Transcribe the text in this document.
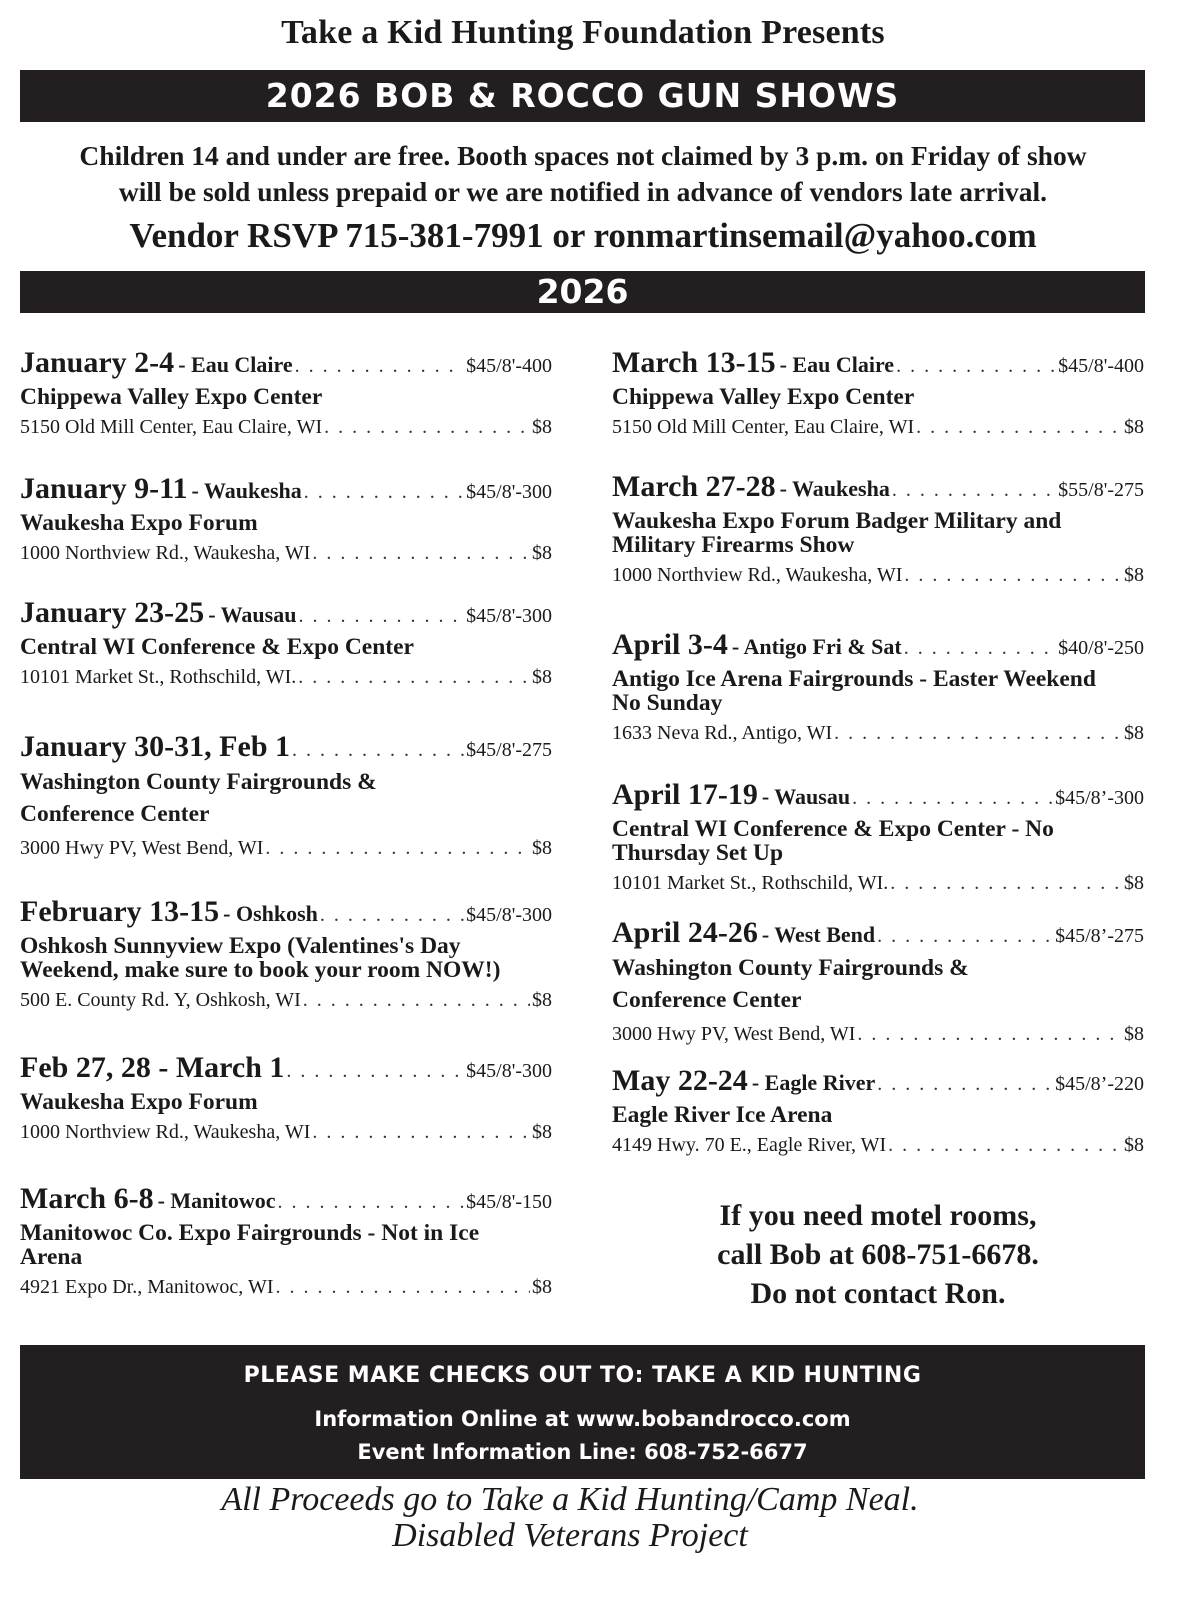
Take a Kid Hunting Foundation Presents
2026 BOB & ROCCO GUN SHOWS
Children 14 and under are free. Booth spaces not claimed by 3 p.m. on Friday of show
will be sold unless prepaid or we are notified in advance of vendors late arrival.
Vendor RSVP 715-381-7991 or ronmartinsemail@yahoo.com
2026
January 2-4 - Eau Claire . . .	$45/8'-400
Chippewa Valley Expo Center
5150 Old Mill Center, Eau Claire, WI . . .	$8
January 9-11 - Waukesha . . .	$45/8'-300
Waukesha Expo Forum
1000 Northview Rd., Waukesha, WI . . .	$8
January 23-25 - Wausau . . .	$45/8'-300
Central WI Conference & Expo Center
10101 Market St., Rothschild, WI. . . .	$8
January 30-31, Feb 1 . . .	$45/8'-275
Washington County Fairgrounds &
Conference Center
3000 Hwy PV, West Bend, WI . . .	$8
February 13-15 - Oshkosh . . .	$45/8'-300
Oshkosh Sunnyview Expo (Valentines's Day
Weekend, make sure to book your room NOW!)
500 E. County Rd. Y, Oshkosh, WI . . .	$8
Feb 27, 28 - March 1 . . .	$45/8'-300
Waukesha Expo Forum
1000 Northview Rd., Waukesha, WI . . .	$8
March 6-8 - Manitowoc . . .	$45/8'-150
Manitowoc Co. Expo Fairgrounds - Not in Ice
Arena
4921 Expo Dr., Manitowoc, WI . . .	$8
March 13-15 - Eau Claire . . .	$45/8'-400
Chippewa Valley Expo Center
5150 Old Mill Center, Eau Claire, WI . . .	$8
March 27-28 - Waukesha . . .	$55/8'-275
Waukesha Expo Forum Badger Military and
Military Firearms Show
1000 Northview Rd., Waukesha, WI . . .	$8
April 3-4 - Antigo Fri & Sat . . .	$40/8'-250
Antigo Ice Arena Fairgrounds - Easter Weekend
No Sunday
1633 Neva Rd., Antigo, WI . . .	$8
April 17-19 - Wausau . . .	$45/8’-300
Central WI Conference & Expo Center - No
Thursday Set Up
10101 Market St., Rothschild, WI. . . .	$8
April 24-26 - West Bend . . .	$45/8’-275
Washington County Fairgrounds &
Conference Center
3000 Hwy PV, West Bend, WI . . .	$8
May 22-24 - Eagle River . . .	$45/8’-220
Eagle River Ice Arena
4149 Hwy. 70 E., Eagle River, WI . . .	$8
If you need motel rooms,
call Bob at 608-751-6678.
Do not contact Ron.
PLEASE MAKE CHECKS OUT TO: TAKE A KID HUNTING
Information Online at www.bobandrocco.com
Event Information Line: 608-752-6677
All Proceeds go to Take a Kid Hunting/Camp Neal.
Disabled Veterans Project
